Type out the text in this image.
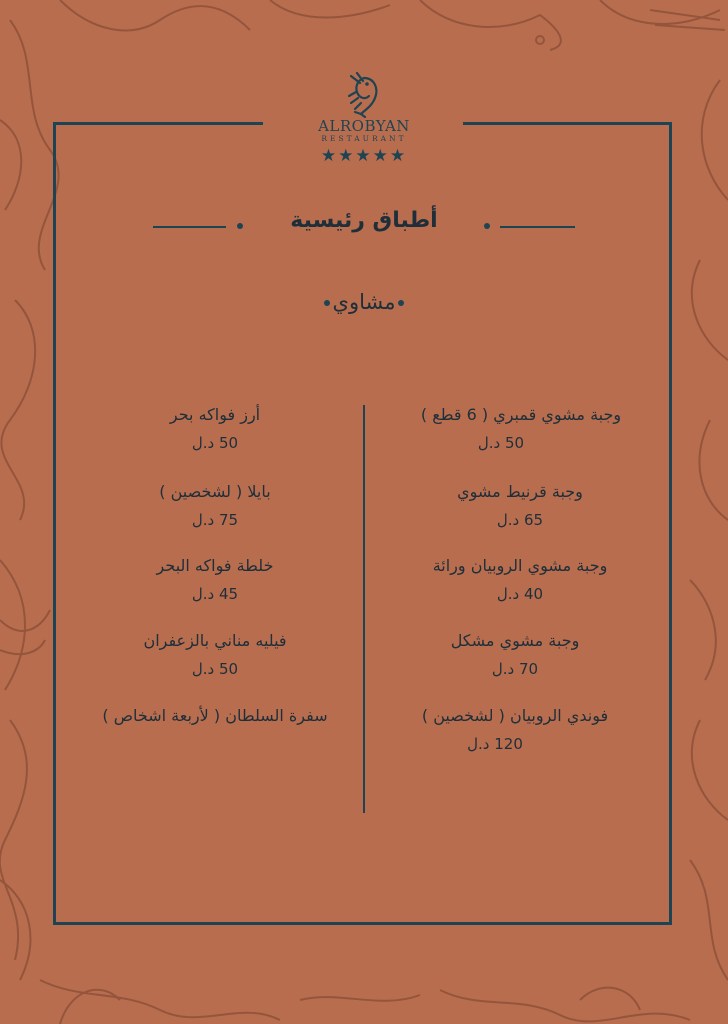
ALROBYAN
RESTAURANT
★★★★★
أطباق رئيسية
مشاوي
وجبة مشوي قمبري ( 6 قطع )
50 د.ل
وجبة قرنيط مشوي
65 د.ل
وجبة مشوي الروبيان ورائة
40 د.ل
وجبة مشوي مشكل
70 د.ل
فوندي الروبيان ( لشخصين )
120 د.ل
أرز فواكه بحر
50 د.ل
بايلا ( لشخصين )
75 د.ل
خلطة فواكه البحر
45 د.ل
فيليه مناني بالزعفران
50 د.ل
سفرة السلطان ( لأربعة اشخاص )
